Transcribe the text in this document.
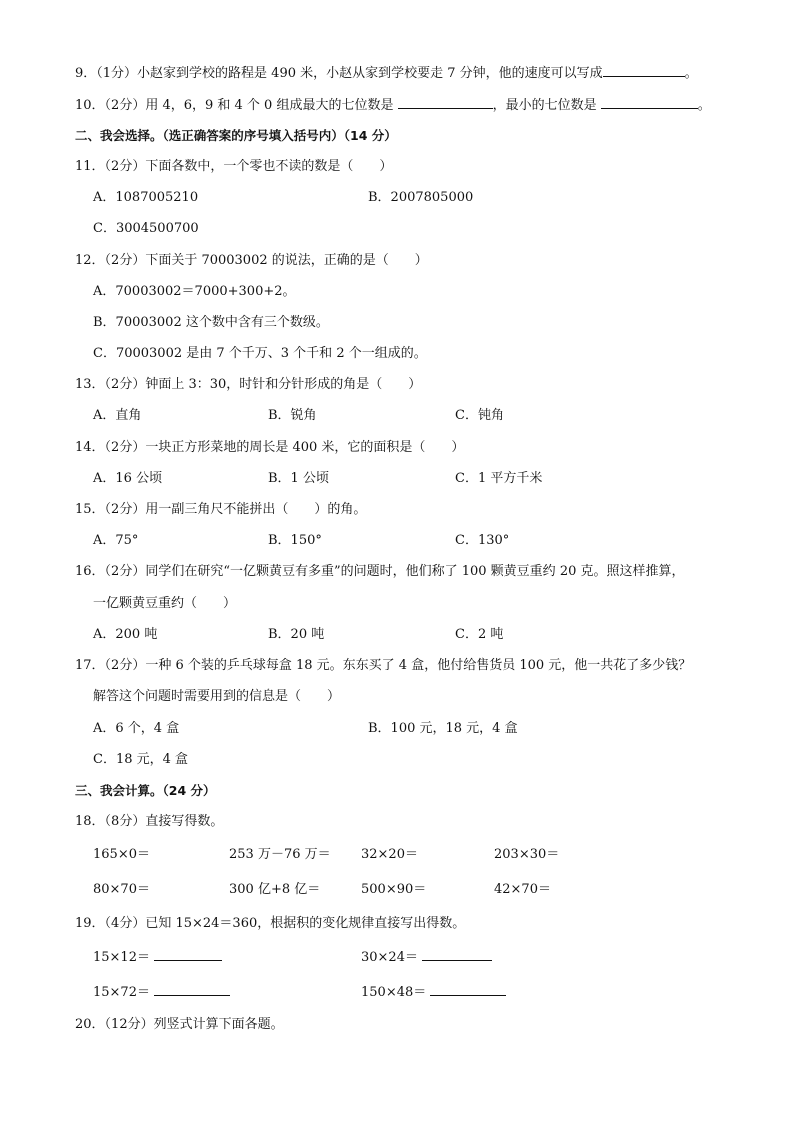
9．（1分）小赵家到学校的路程是 490 米，小赵从家到学校要走 7 分钟，他的速度可以写成	。
10．（2分）用 4，6，9 和 4 个 0 组成最大的七位数是	，最小的七位数是	。
二、我会选择。（选正确答案的序号填入括号内）（14 分）
11．（2分）下面各数中，一个零也不读的数是（　　）
A．1087005210	B．2007805000
C．3004500700
12．（2分）下面关于 70003002 的说法，正确的是（　　）
A．70003002＝7000+300+2。
B．70003002 这个数中含有三个数级。
C．70003002 是由 7 个千万、3 个千和 2 个一组成的。
13．（2分）钟面上 3：30，时针和分针形成的角是（　　）
A．直角	B．锐角	C．钝角
14．（2分）一块正方形菜地的周长是 400 米，它的面积是（　　）
A．16 公顷	B．1 公顷	C．1 平方千米
15．（2分）用一副三角尺不能拼出（　　）的角。
A．75°	B．150°	C．130°
16．（2分）同学们在研究“一亿颗黄豆有多重”的问题时，他们称了 100 颗黄豆重约 20 克。照这样推算，
一亿颗黄豆重约（　　）
A．200 吨	B．20 吨	C．2 吨
17．（2分）一种 6 个装的乒乓球每盒 18 元。东东买了 4 盒，他付给售货员 100 元，他一共花了多少钱？
解答这个问题时需要用到的信息是（　　）
A．6 个，4 盒	B．100 元，18 元，4 盒
C．18 元，4 盒
三、我会计算。（24 分）
18．（8分）直接写得数。
165×0＝	253 万－76 万＝ 32×20＝	203×30＝
80×70＝	300 亿+8 亿＝	500×90＝	42×70＝
19．（4分）已知 15×24＝360，根据积的变化规律直接写出得数。
15×12＝	30×24＝
15×72＝	150×48＝
20．（12分）列竖式计算下面各题。
